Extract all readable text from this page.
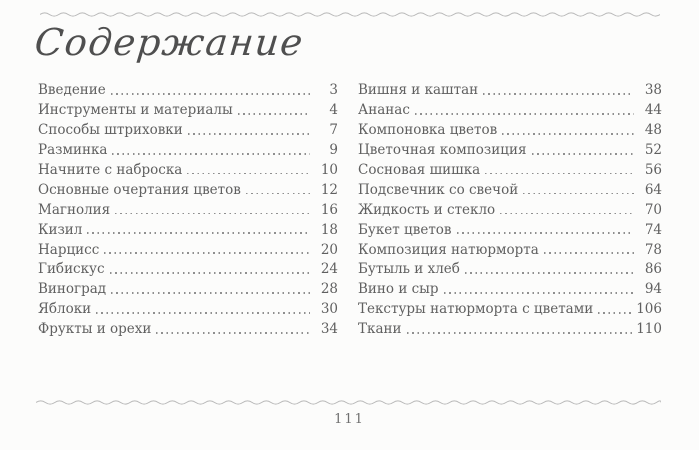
Содержание
Введение	3
Инструменты и материалы	4
Способы штриховки	7
Разминка	9
Начните с наброска	10
Основные очертания цветов	12
Магнолия	16
Кизил	18
Нарцисс	20
Гибискус	24
Виноград	28
Яблоки	30
Фрукты и орехи	34
Вишня и каштан	38
Ананас	44
Компоновка цветов	48
Цветочная композиция	52
Сосновая шишка	56
Подсвечник со свечой	64
Жидкость и стекло	70
Букет цветов	74
Композиция натюрморта	78
Бутыль и хлеб	86
Вино и сыр	94
Текстуры натюрморта с цветами	106
Ткани	110
111
